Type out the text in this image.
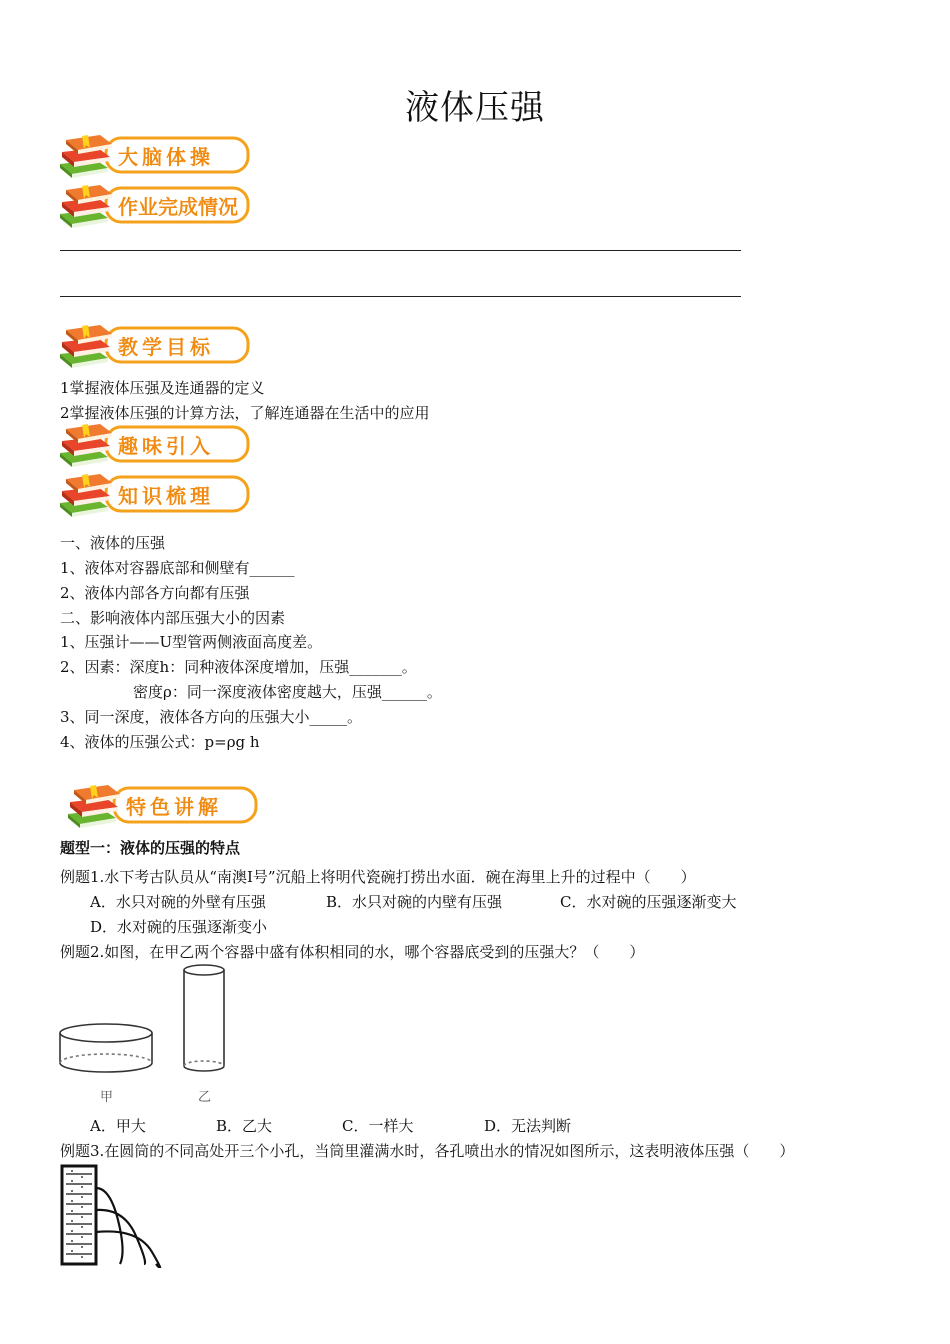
液体压强
大脑体操
作业完成情况
教学目标
1掌握液体压强及连通器的定义
2掌握液体压强的计算方法，了解连通器在生活中的应用
趣味引入
知识梳理
一、液体的压强
1、液体对容器底部和侧壁有______
2、液体内部各方向都有压强
二、影响液体内部压强大小的因素
1、压强计——U型管两侧液面高度差。
2、因素：深度h：同种液体深度增加，压强_______。
密度ρ：同一深度液体密度越大，压强______。
3、同一深度，液体各方向的压强大小_____。
4、液体的压强公式：p=ρg h
特色讲解
题型一：液体的压强的特点
例题1.水下考古队员从“南澳Ⅰ号”沉船上将明代瓷碗打捞出水面．碗在海里上升的过程中（　　）
A．水只对碗的外壁有压强	B．水只对碗的内壁有压强	C．水对碗的压强逐渐变大
D．水对碗的压强逐渐变小
例题2.如图，在甲乙两个容器中盛有体积相同的水，哪个容器底受到的压强大？（　　）
甲	乙
A．甲大	B．乙大	C．一样大	D．无法判断
例题3.在圆筒的不同高处开三个小孔，当筒里灌满水时，各孔喷出水的情况如图所示，这表明液体压强（　　）
